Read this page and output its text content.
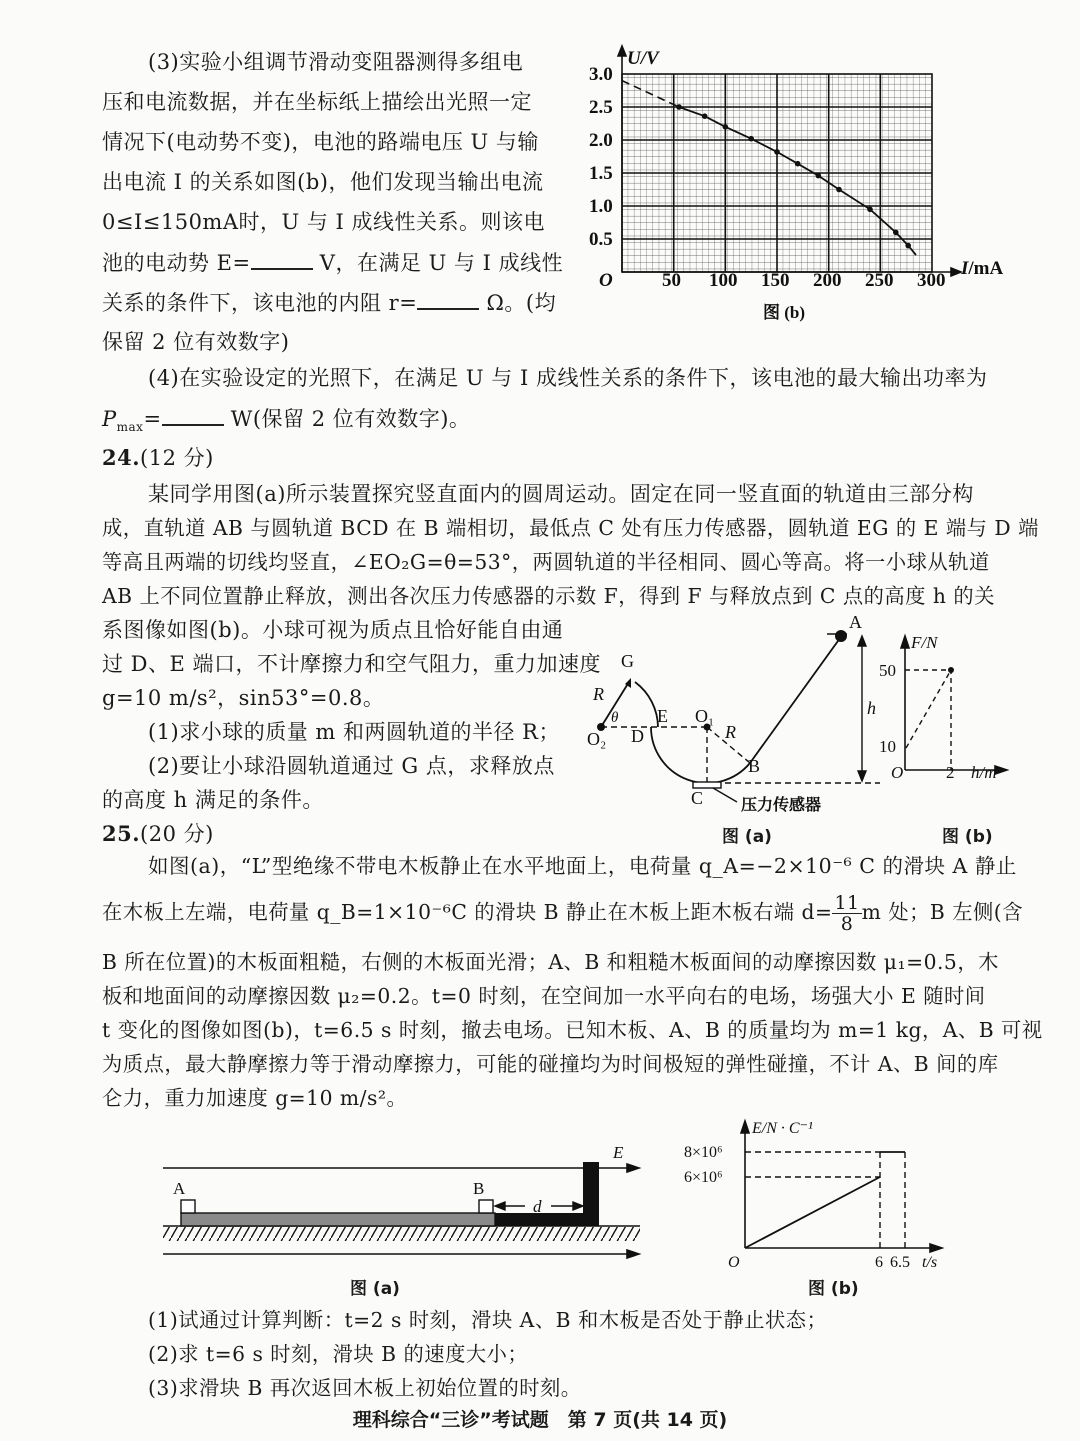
(3)实验小组调节滑动变阻器测得多组电
压和电流数据，并在坐标纸上描绘出光照一定
情况下(电动势不变)，电池的路端电压 U 与输
出电流 I 的关系如图(b)，他们发现当输出电流
0≤I≤150mA时，U 与 I 成线性关系。则该电
池的电动势 E=	V，在满足 U 与 I 成线性
关系的条件下，该电池的内阻 r=	Ω。(均
保留 2 位有效数字)
3.0
2.5
2.0
1.5
1.0
0.5
O	50 100 150 200 250 300
U/V
I/mA
图 (b)
(4)在实验设定的光照下，在满足 U 与 I 成线性关系的条件下，该电池的最大输出功率为
$P_{max}=$	W(保留 2 位有效数字)。
24.(12 分)
某同学用图(a)所示装置探究竖直面内的圆周运动。固定在同一竖直面的轨道由三部分构
成，直轨道 AB 与圆轨道 BCD 在 B 端相切，最低点 C 处有压力传感器，圆轨道 EG 的 E 端与 D 端
等高且两端的切线均竖直，∠EO₂G=θ=53°，两圆轨道的半径相同、圆心等高。将一小球从轨道
AB 上不同位置静止释放，测出各次压力传感器的示数 F，得到 F 与释放点到 C 点的高度 h 的关
系图像如图(b)。小球可视为质点且恰好能自由通
过 D、E 端口，不计摩擦力和空气阻力，重力加速度
g=10 m/s²，sin53°=0.8。
(1)求小球的质量 m 和两圆轨道的半径 R；
(2)要让小球沿圆轨道通过 G 点，求释放点
的高度 h 满足的条件。
A
G
R
θ E O₁
O₂ D	R
B
h
C 压力传感器
图 (a)
F/N
50
10
O	2 h/m
图 (b)
25.(20 分)
如图(a)，“L”型绝缘不带电木板静止在水平地面上，电荷量 q_A=−2×10⁻⁶ C 的滑块 A 静止
在木板上左端，电荷量 q_B=1×10⁻⁶C 的滑块 B 静止在木板上距木板右端 $d= \frac{11}{8}$ m 处；B 左侧(含
B 所在位置)的木板面粗糙，右侧的木板面光滑；A、B 和粗糙木板面间的动摩擦因数 μ₁=0.5，木
板和地面间的动摩擦因数 μ₂=0.2。t=0 时刻，在空间加一水平向右的电场，场强大小 E 随时间
t 变化的图像如图(b)，t=6.5 s 时刻，撤去电场。已知木板、A、B 的质量均为 m=1 kg，A、B 可视
为质点，最大静摩擦力等于滑动摩擦力，可能的碰撞均为时间极短的弹性碰撞，不计 A、B 间的库
仑力，重力加速度 g=10 m/s²。
A	B
d
E
图 (a)
E/N · C⁻¹
8×10⁶
6×10⁶
O	6 6.5 t/s
图 (b)
(1)试通过计算判断：t=2 s 时刻，滑块 A、B 和木板是否处于静止状态；
(2)求 t=6 s 时刻，滑块 B 的速度大小；
(3)求滑块 B 再次返回木板上初始位置的时刻。
理科综合“三诊”考试题　第 7 页(共 14 页)
